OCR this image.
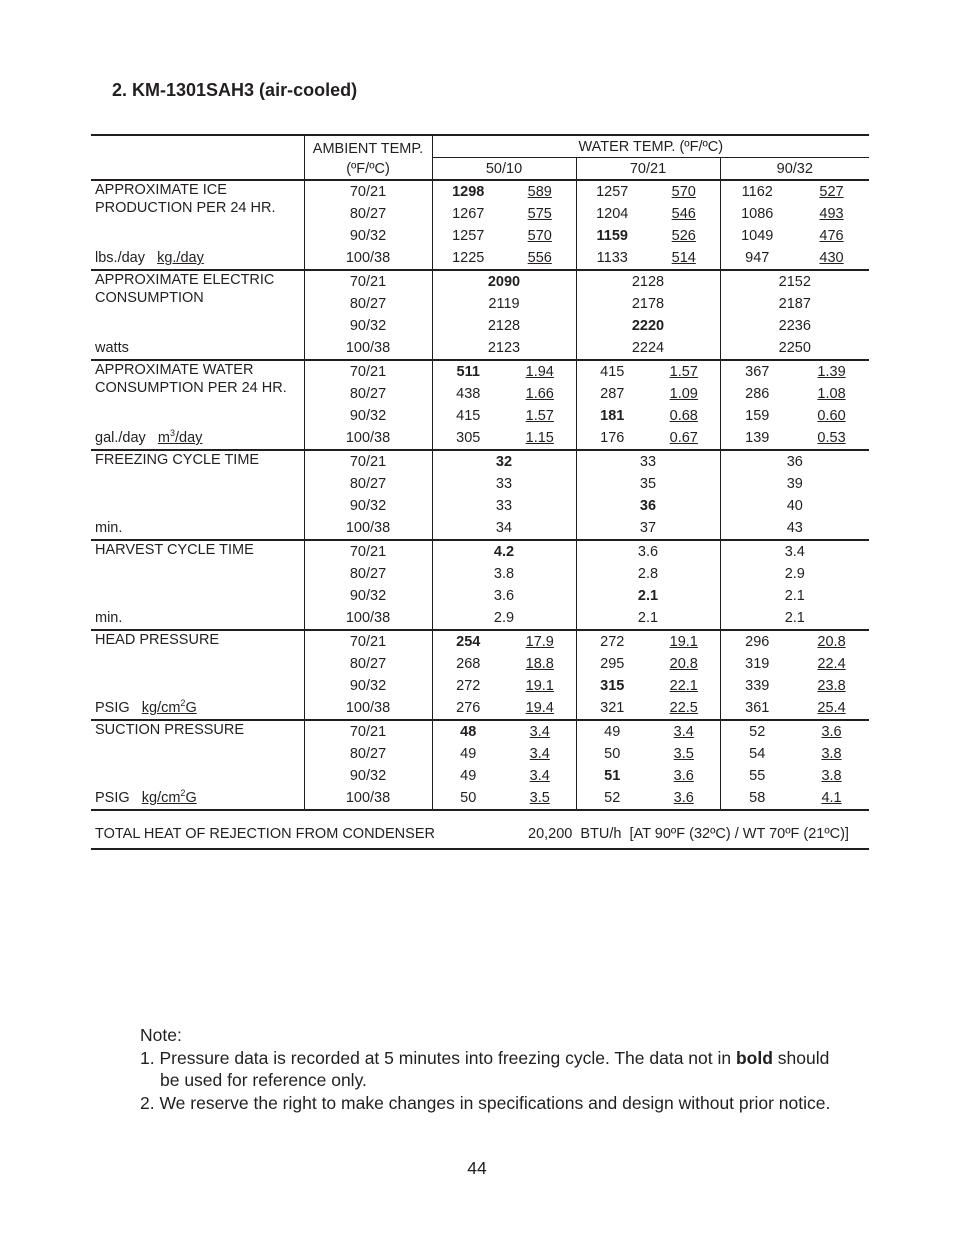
2. KM-1301SAH3 (air-cooled)

	AMBIENT TEMP.
(ºF/ºC)	WATER TEMP. (ºF/ºC)					
		50/10		70/21		90/32	
APPROXIMATE ICE PRODUCTION PER 24 HR.	70/21	1298	589	1257	570	1162	527
	80/27	1267	575	1204	546	1086	493
	90/32	1257	570	1159	526	1049	476
lbs./day kg./day	100/38	1225	556	1133	514	947	430
APPROXIMATE ELECTRIC CONSUMPTION	70/21	2090		2128		2152	
	80/27	2119		2178		2187	
	90/32	2128		2220		2236	
watts	100/38	2123		2224		2250	
APPROXIMATE WATER CONSUMPTION PER 24 HR.	70/21	511	1.94	415	1.57	367	1.39
	80/27	438	1.66	287	1.09	286	1.08
	90/32	415	1.57	181	0.68	159	0.60
gal./day $m^3$/day	100/38	305	1.15	176	0.67	139	0.53
FREEZING CYCLE TIME	70/21	32		33		36	
	80/27	33		35		39	
	90/32	33		36		40	
min.	100/38	34		37		43	
HARVEST CYCLE TIME	70/21	4.2		3.6		3.4	
	80/27	3.8		2.8		2.9	
	90/32	3.6		2.1		2.1	
min.	100/38	2.9		2.1		2.1	
HEAD PRESSURE	70/21	254	17.9	272	19.1	296	20.8
	80/27	268	18.8	295	20.8	319	22.4
	90/32	272	19.1	315	22.1	339	23.8
PSIG $kg/cm^2G$	100/38	276	19.4	321	22.5	361	25.4
SUCTION PRESSURE	70/21	48	3.4	49	3.4	52	3.6
	80/27	49	3.4	50	3.5	54	3.8
	90/32	49	3.4	51	3.6	55	3.8
PSIG $kg/cm^2G$	100/38	50	3.5	52	3.6	58	4.1
TOTAL HEAT OF REJECTION FROM CONDENSER	20,200  BTU/h  [AT 90ºF (32ºC) / WT 70ºF (21ºC)]
Note:
1. Pressure data is recorded at 5 minutes into freezing cycle. The data not in bold should be used for reference only.
2. We reserve the right to make changes in specifications and design without prior notice.
44
